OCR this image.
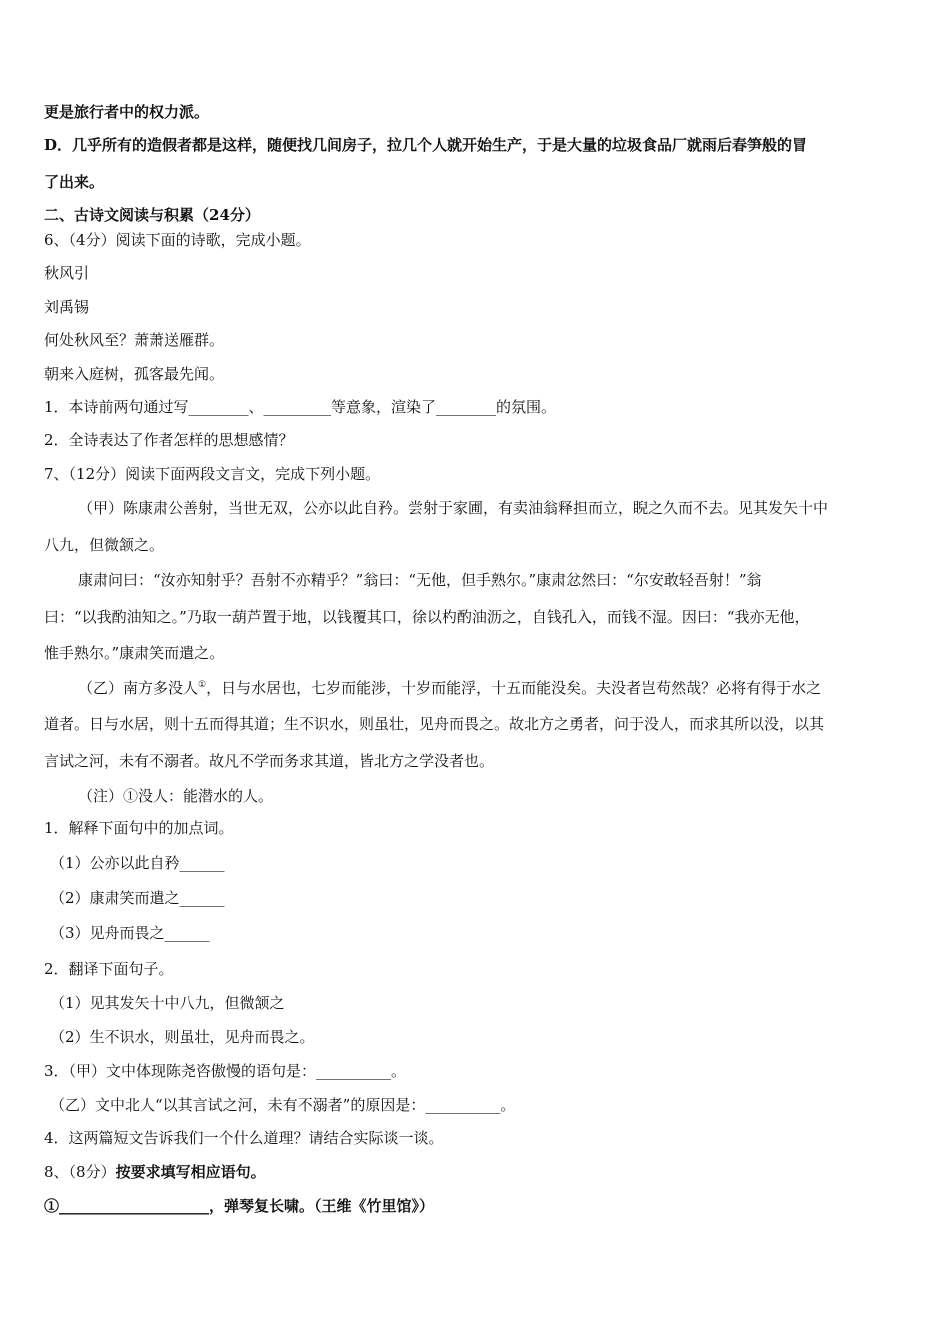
更是旅行者中的权力派。
D．几乎所有的造假者都是这样，随便找几间房子，拉几个人就开始生产，于是大量的垃圾食品厂就雨后春笋般的冒
了出来。
二、古诗文阅读与积累（24分）
6、（4分）阅读下面的诗歌，完成小题。
秋风引
刘禹锡
何处秋风至？萧萧送雁群。
朝来入庭树，孤客最先闻。
1．本诗前两句通过写________、_________等意象，渲染了________的氛围。
2．全诗表达了作者怎样的思想感情？
7、（12分）阅读下面两段文言文，完成下列小题。
（甲）陈康肃公善射，当世无双，公亦以此自矜。尝射于家圃，有卖油翁释担而立，睨之久而不去。见其发矢十中
八九，但微颔之。
康肃问曰：“汝亦知射乎？吾射不亦精乎？”翁曰：“无他，但手熟尔。”康肃忿然曰：“尔安敢轻吾射！”翁
曰：“以我酌油知之。”乃取一葫芦置于地，以钱覆其口，徐以杓酌油沥之，自钱孔入，而钱不湿。因曰：“我亦无他，
惟手熟尔。”康肃笑而遣之。
（乙）南方多没人①，日与水居也，七岁而能涉，十岁而能浮，十五而能没矣。夫没者岂苟然哉？必将有得于水之
道者。日与水居，则十五而得其道；生不识水，则虽壮，见舟而畏之。故北方之勇者，问于没人，而求其所以没，以其
言试之河，未有不溺者。故凡不学而务求其道，皆北方之学没者也。
（注）①没人：能潜水的人。
1．解释下面句中的加点词。
（1）公亦以此自矜______
（2）康肃笑而遣之______
（3）见舟而畏之______
2．翻译下面句子。
（1）见其发矢十中八九，但微颔之
（2）生不识水，则虽壮，见舟而畏之。
3．（甲）文中体现陈尧咨傲慢的语句是：__________。
（乙）文中北人“以其言试之河，未有不溺者”的原因是：__________。
4．这两篇短文告诉我们一个什么道理？请结合实际谈一谈。
8、（8分）按要求填写相应语句。
①____________________，弹琴复长啸。（王维《竹里馆》）
